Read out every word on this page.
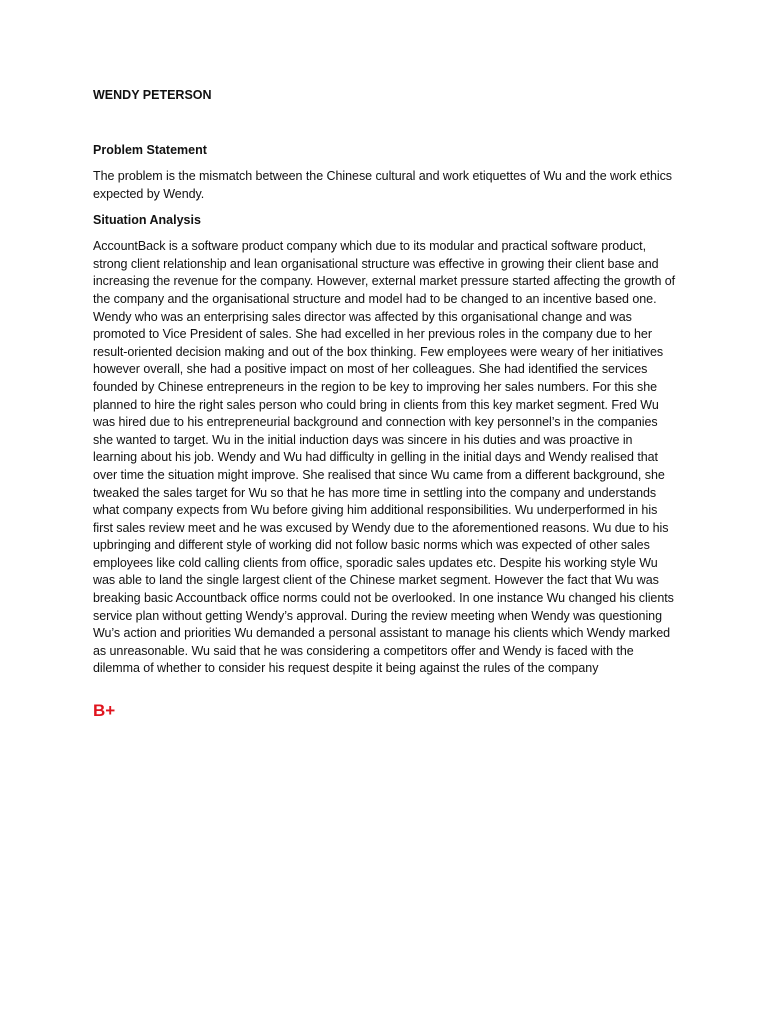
WENDY PETERSON
Problem Statement
The problem is the mismatch between the Chinese cultural and work etiquettes of Wu and the work ethics expected by Wendy.
Situation Analysis
AccountBack is a software product company which due to its modular and practical software product, strong client relationship and lean organisational structure was effective in growing their client base and increasing the revenue for the company. However, external market pressure started affecting the growth of the company and the organisational structure and model had to be changed to an incentive based one. Wendy who was an enterprising sales director was affected by this organisational change and was promoted to Vice President of sales. She had excelled in her previous roles in the company due to her result-oriented decision making and out of the box thinking. Few employees were weary of her initiatives however overall, she had a positive impact on most of her colleagues. She had identified the services founded by Chinese entrepreneurs in the region to be key to improving her sales numbers. For this she planned to hire the right sales person who could bring in clients from this key market segment. Fred Wu was hired due to his entrepreneurial background and connection with key personnel’s in the companies she wanted to target. Wu in the initial induction days was sincere in his duties and was proactive in learning about his job. Wendy and Wu had difficulty in gelling in the initial days and Wendy realised that over time the situation might improve. She realised that since Wu came from a different background, she tweaked the sales target for Wu so that he has more time in settling into the company and understands what company expects from Wu before giving him additional responsibilities. Wu underperformed in his first sales review meet and he was excused by Wendy due to the aforementioned reasons. Wu due to his upbringing and different style of working did not follow basic norms which was expected of other sales employees like cold calling clients from office, sporadic sales updates etc. Despite his working style Wu was able to land the single largest client of the Chinese market segment. However the fact that Wu was breaking basic Accountback office norms could not be overlooked. In one instance Wu changed his clients service plan without getting Wendy’s approval. During the review meeting when Wendy was questioning Wu’s action and priorities Wu demanded a personal assistant to manage his clients which Wendy marked as unreasonable. Wu said that he was considering a competitors offer and Wendy is faced with the dilemma of whether to consider his request despite it being against the rules of the company
B+
